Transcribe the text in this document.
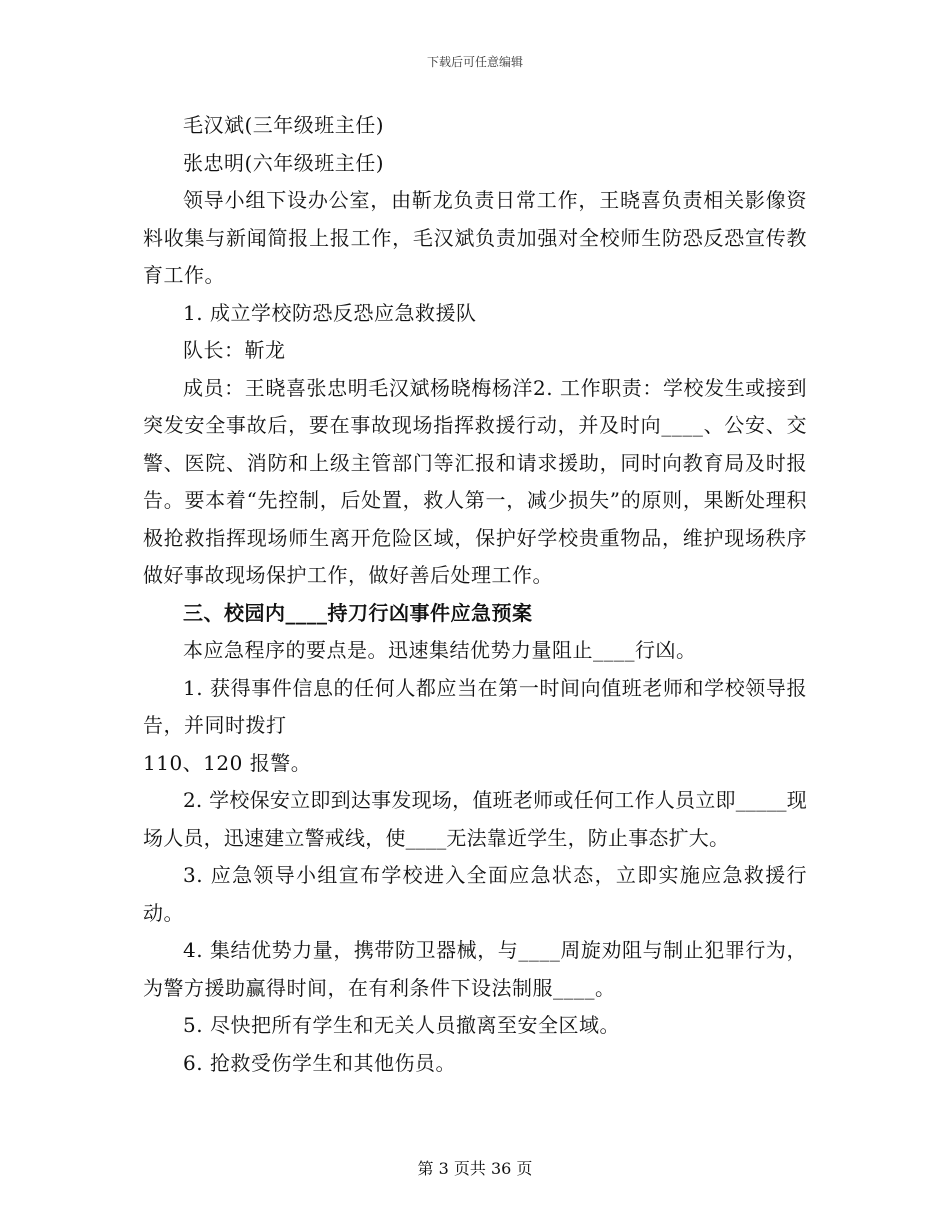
下载后可任意编辑

毛汉斌(三年级班主任)

张忠明(六年级班主任)

领导小组下设办公室，由靳龙负责日常工作，王晓喜负责相关影像资料收集与新闻简报上报工作，毛汉斌负责加强对全校师生防恐反恐宣传教育工作。

1. 成立学校防恐反恐应急救援队

队长：靳龙

成员：王晓喜张忠明毛汉斌杨晓梅杨洋2. 工作职责：学校发生或接到突发安全事故后，要在事故现场指挥救援行动，并及时向____、公安、交警、医院、消防和上级主管部门等汇报和请求援助，同时向教育局及时报告。要本着“先控制，后处置，救人第一，减少损失”的原则，果断处理积极抢救指挥现场师生离开危险区域，保护好学校贵重物品，维护现场秩序做好事故现场保护工作，做好善后处理工作。

三、校园内____持刀行凶事件应急预案

本应急程序的要点是。迅速集结优势力量阻止____行凶。

1. 获得事件信息的任何人都应当在第一时间向值班老师和学校领导报告，并同时拨打

110、120 报警。

2. 学校保安立即到达事发现场，值班老师或任何工作人员立即_____现场人员，迅速建立警戒线，使____无法靠近学生，防止事态扩大。

3. 应急领导小组宣布学校进入全面应急状态，立即实施应急救援行动。

4. 集结优势力量，携带防卫器械，与____周旋劝阻与制止犯罪行为，为警方援助赢得时间，在有利条件下设法制服____。

5. 尽快把所有学生和无关人员撤离至安全区域。

6. 抢救受伤学生和其他伤员。

第 3 页共 36 页
